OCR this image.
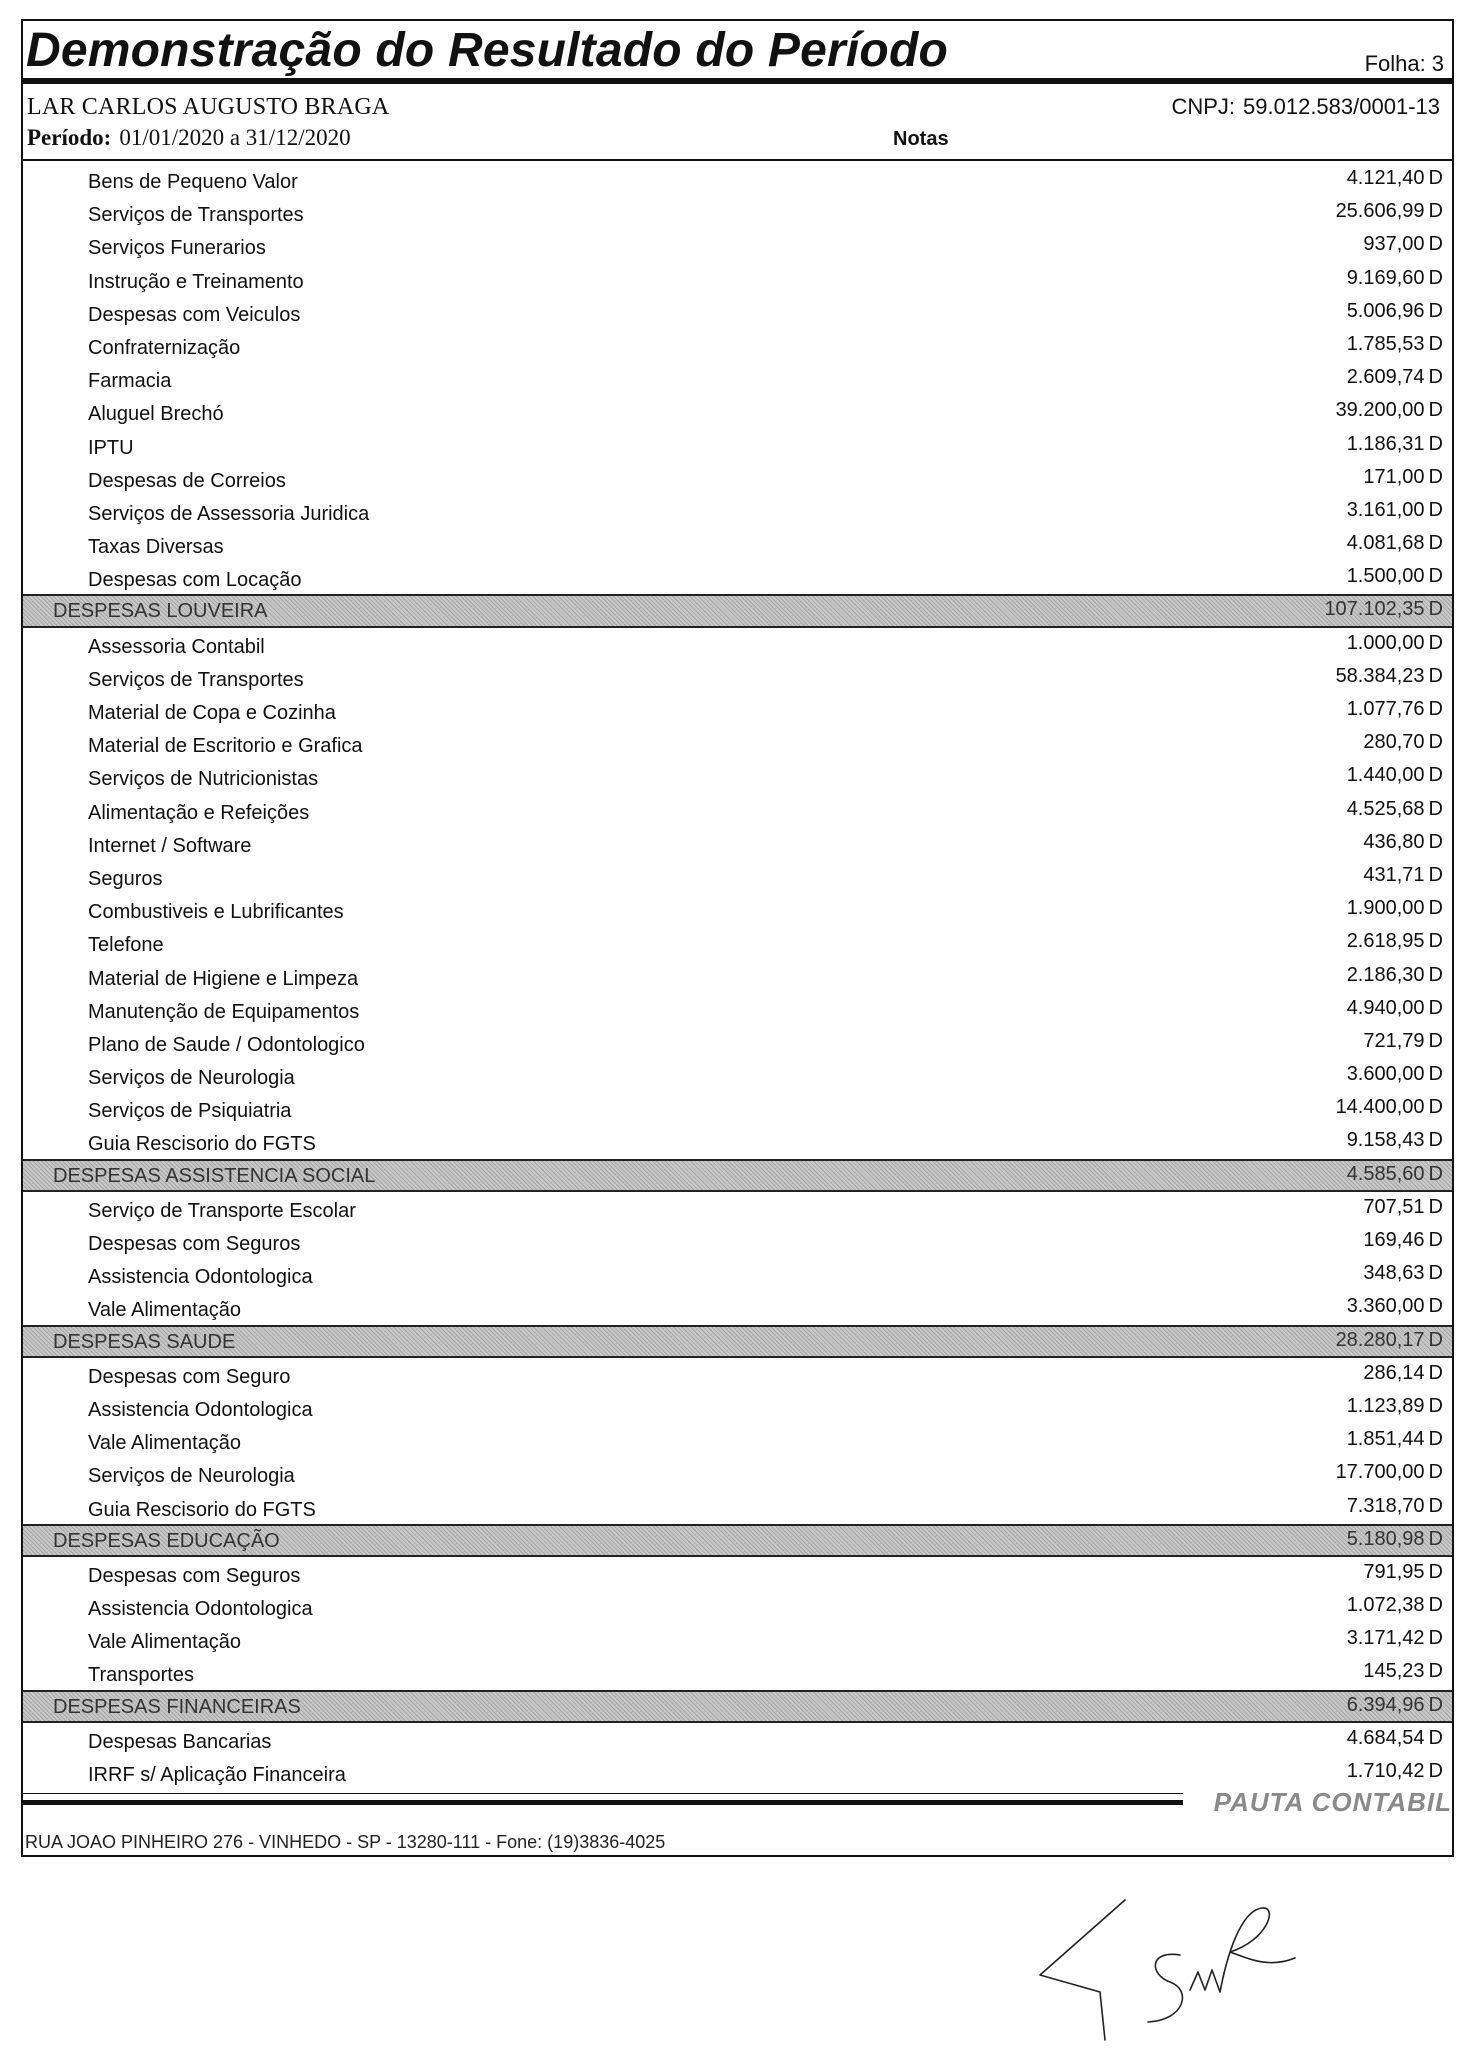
Demonstração do Resultado do Período	Folha: 3
LAR CARLOS AUGUSTO BRAGA	CNPJ: 59.012.583/0001-13
Período: 01/01/2020 a 31/12/2020	Notas
Bens de Pequeno Valor	4.121,40 D
Serviços de Transportes	25.606,99 D
Serviços Funerarios	937,00 D
Instrução e Treinamento	9.169,60 D
Despesas com Veiculos	5.006,96 D
Confraternização	1.785,53 D
Farmacia	2.609,74 D
Aluguel Brechó	39.200,00 D
IPTU	1.186,31 D
Despesas de Correios	171,00 D
Serviços de Assessoria Juridica	3.161,00 D
Taxas Diversas	4.081,68 D
Despesas com Locação	1.500,00 D
DESPESAS LOUVEIRA	107.102,35 D
Assessoria Contabil	1.000,00 D
Serviços de Transportes	58.384,23 D
Material de Copa e Cozinha	1.077,76 D
Material de Escritorio e Grafica	280,70 D
Serviços de Nutricionistas	1.440,00 D
Alimentação e Refeições	4.525,68 D
Internet / Software	436,80 D
Seguros	431,71 D
Combustiveis e Lubrificantes	1.900,00 D
Telefone	2.618,95 D
Material de Higiene e Limpeza	2.186,30 D
Manutenção de Equipamentos	4.940,00 D
Plano de Saude / Odontologico	721,79 D
Serviços de Neurologia	3.600,00 D
Serviços de Psiquiatria	14.400,00 D
Guia Rescisorio do FGTS	9.158,43 D
DESPESAS ASSISTENCIA SOCIAL	4.585,60 D
Serviço de Transporte Escolar	707,51 D
Despesas com Seguros	169,46 D
Assistencia Odontologica	348,63 D
Vale Alimentação	3.360,00 D
DESPESAS SAUDE	28.280,17 D
Despesas com Seguro	286,14 D
Assistencia Odontologica	1.123,89 D
Vale Alimentação	1.851,44 D
Serviços de Neurologia	17.700,00 D
Guia Rescisorio do FGTS	7.318,70 D
DESPESAS EDUCAÇÃO	5.180,98 D
Despesas com Seguros	791,95 D
Assistencia Odontologica	1.072,38 D
Vale Alimentação	3.171,42 D
Transportes	145,23 D
DESPESAS FINANCEIRAS	6.394,96 D
Despesas Bancarias	4.684,54 D
IRRF s/ Aplicação Financeira	1.710,42 D
PAUTA CONTABIL
RUA JOAO PINHEIRO 276 - VINHEDO - SP - 13280-111 - Fone: (19)3836-4025
